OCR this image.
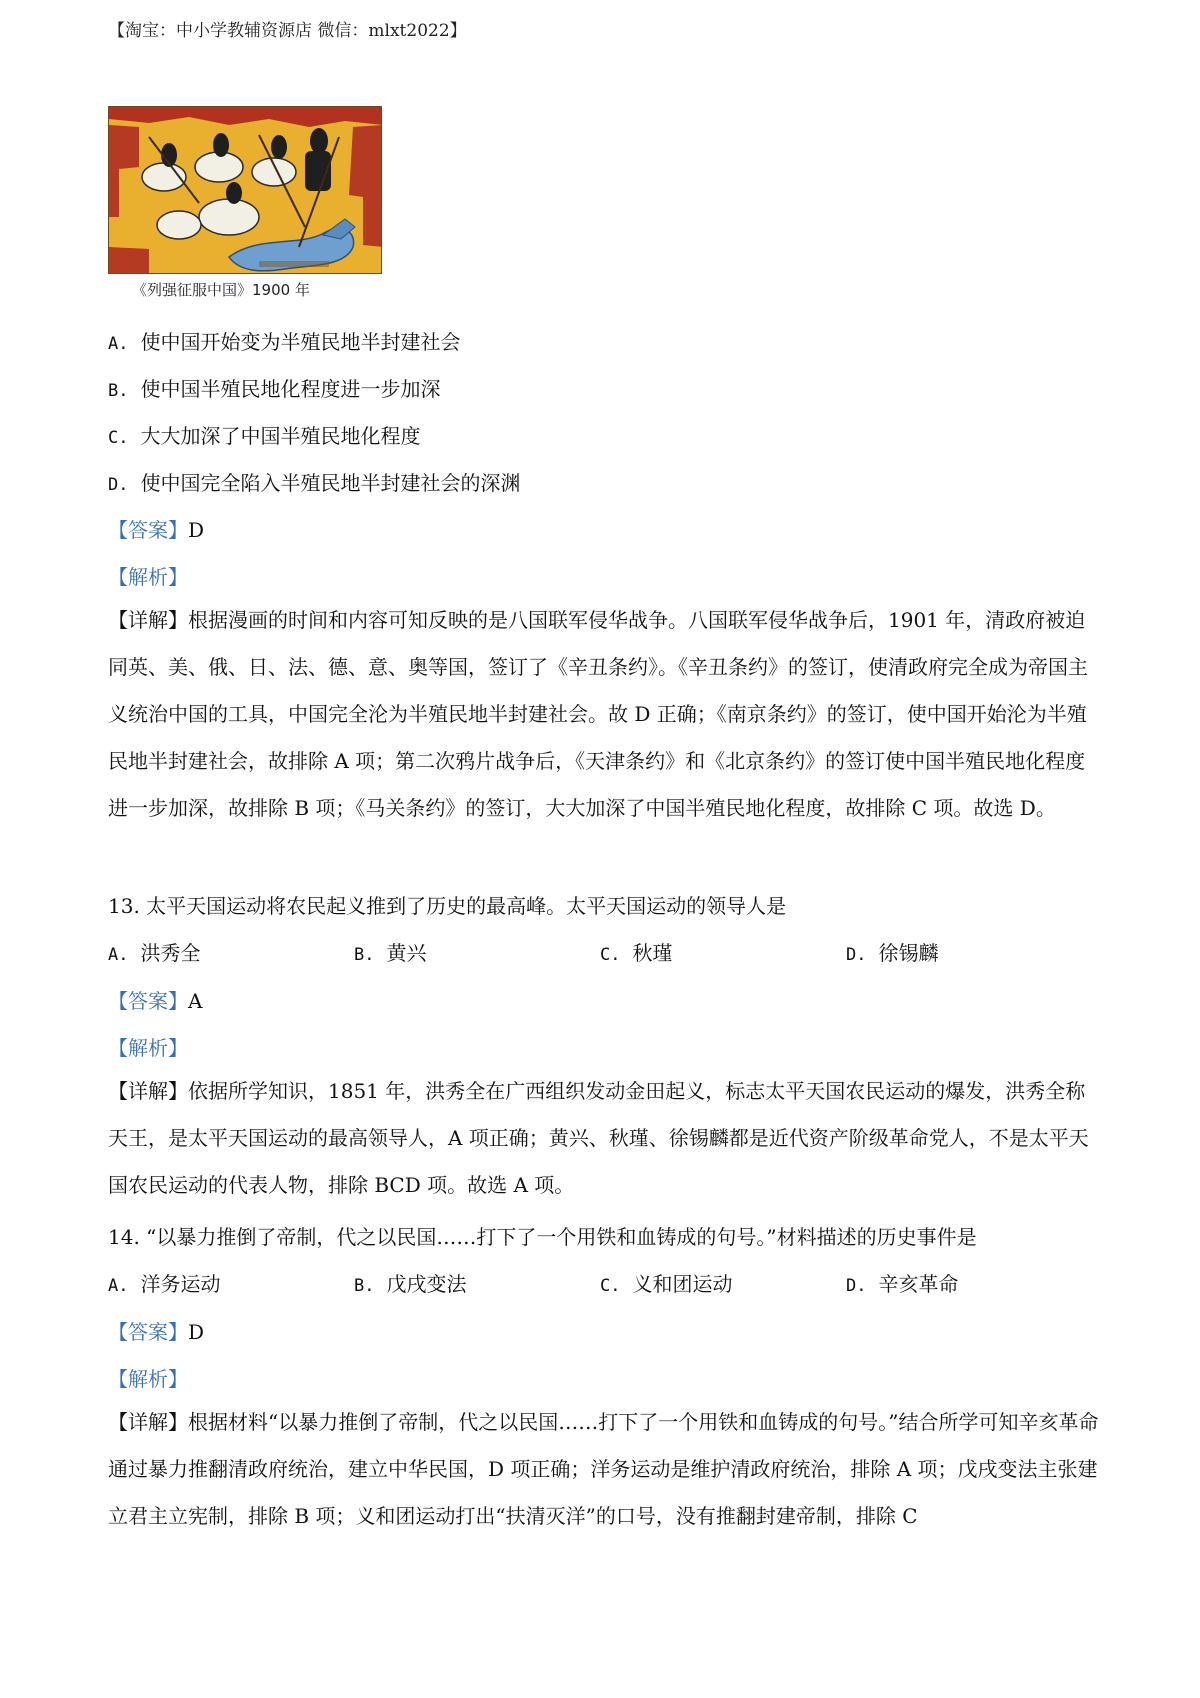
【淘宝：中小学教辅资源店 微信：mlxt2022】
《列强征服中国》1900 年
A. 使中国开始变为半殖民地半封建社会
B. 使中国半殖民地化程度进一步加深
C. 大大加深了中国半殖民地化程度
D. 使中国完全陷入半殖民地半封建社会的深渊
【答案】D
【解析】
【详解】根据漫画的时间和内容可知反映的是八国联军侵华战争。八国联军侵华战争后，1901 年，清政府被迫同英、美、俄、日、法、德、意、奥等国，签订了《辛丑条约》。《辛丑条约》的签订，使清政府完全成为帝国主义统治中国的工具，中国完全沦为半殖民地半封建社会。故 D 正确；《南京条约》的签订，使中国开始沦为半殖民地半封建社会，故排除 A 项；第二次鸦片战争后，《天津条约》和《北京条约》的签订使中国半殖民地化程度进一步加深，故排除 B 项；《马关条约》的签订，大大加深了中国半殖民地化程度，故排除 C 项。故选 D。
13. 太平天国运动将农民起义推到了历史的最高峰。太平天国运动的领导人是
A. 洪秀全	B. 黄兴	C. 秋瑾	D. 徐锡麟
【答案】A
【解析】
【详解】依据所学知识，1851 年，洪秀全在广西组织发动金田起义，标志太平天国农民运动的爆发，洪秀全称天王，是太平天国运动的最高领导人，A 项正确；黄兴、秋瑾、徐锡麟都是近代资产阶级革命党人，不是太平天国农民运动的代表人物，排除 BCD 项。故选 A 项。
14. “以暴力推倒了帝制，代之以民国……打下了一个用铁和血铸成的句号。”材料描述的历史事件是
A. 洋务运动	B. 戊戌变法	C. 义和团运动	D. 辛亥革命
【答案】D
【解析】
【详解】根据材料“以暴力推倒了帝制，代之以民国……打下了一个用铁和血铸成的句号。”结合所学可知辛亥革命通过暴力推翻清政府统治，建立中华民国，D 项正确；洋务运动是维护清政府统治，排除 A 项；戊戌变法主张建立君主立宪制，排除 B 项；义和团运动打出“扶清灭洋”的口号，没有推翻封建帝制，排除 C
